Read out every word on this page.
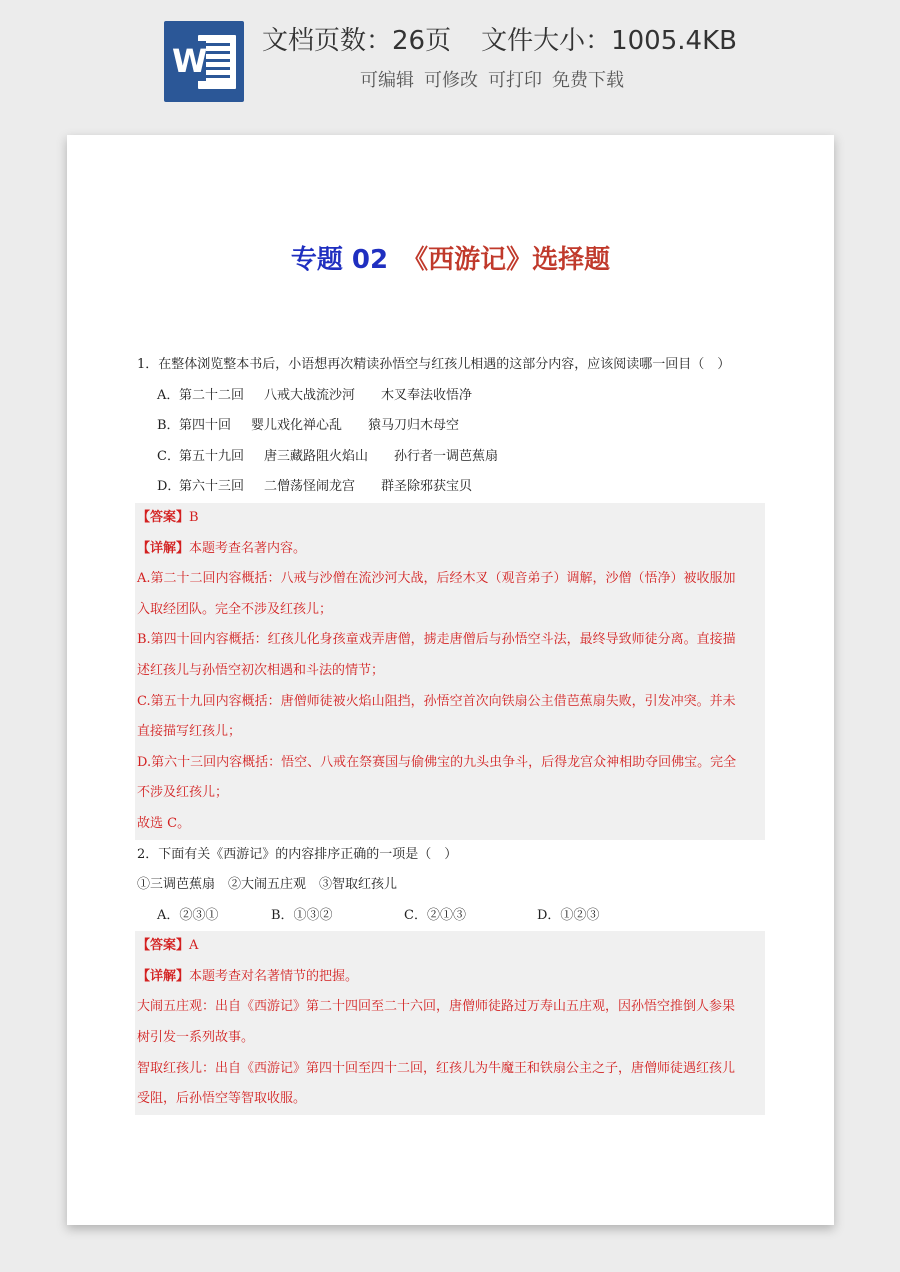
W
文档页数：26页 文件大小：1005.4KB
可编辑 可修改 可打印 免费下载
专题 02 《西游记》选择题
1．在整体浏览整本书后，小语想再次精读孙悟空与红孩儿相遇的这部分内容，应该阅读哪一回目（　）
A．第二十二回 八戒大战流沙河 木叉奉法收悟净
B．第四十回 婴儿戏化禅心乱 猿马刀归木母空
C．第五十九回 唐三藏路阻火焰山 孙行者一调芭蕉扇
D．第六十三回 二僧荡怪闹龙宫 群圣除邪获宝贝
【答案】B
【详解】本题考查名著内容。
A.第二十二回内容概括：八戒与沙僧在流沙河大战，后经木叉（观音弟子）调解，沙僧（悟净）被收服加
入取经团队。完全不涉及红孩儿；
B.第四十回内容概括：红孩儿化身孩童戏弄唐僧，掳走唐僧后与孙悟空斗法，最终导致师徒分离。直接描
述红孩儿与孙悟空初次相遇和斗法的情节；
C.第五十九回内容概括：唐僧师徒被火焰山阻挡，孙悟空首次向铁扇公主借芭蕉扇失败，引发冲突。并未
直接描写红孩儿；
D.第六十三回内容概括：悟空、八戒在祭赛国与偷佛宝的九头虫争斗，后得龙宫众神相助夺回佛宝。完全
不涉及红孩儿；
故选 C。
2．下面有关《西游记》的内容排序正确的一项是（　）
①三调芭蕉扇　②大闹五庄观　③智取红孩儿
A．②③①	B．①③②	C．②①③	D．①②③
【答案】A
【详解】本题考查对名著情节的把握。
大闹五庄观：出自《西游记》第二十四回至二十六回，唐僧师徒路过万寿山五庄观，因孙悟空推倒人参果
树引发一系列故事。
智取红孩儿：出自《西游记》第四十回至四十二回，红孩儿为牛魔王和铁扇公主之子，唐僧师徒遇红孩儿
受阻，后孙悟空等智取收服。
